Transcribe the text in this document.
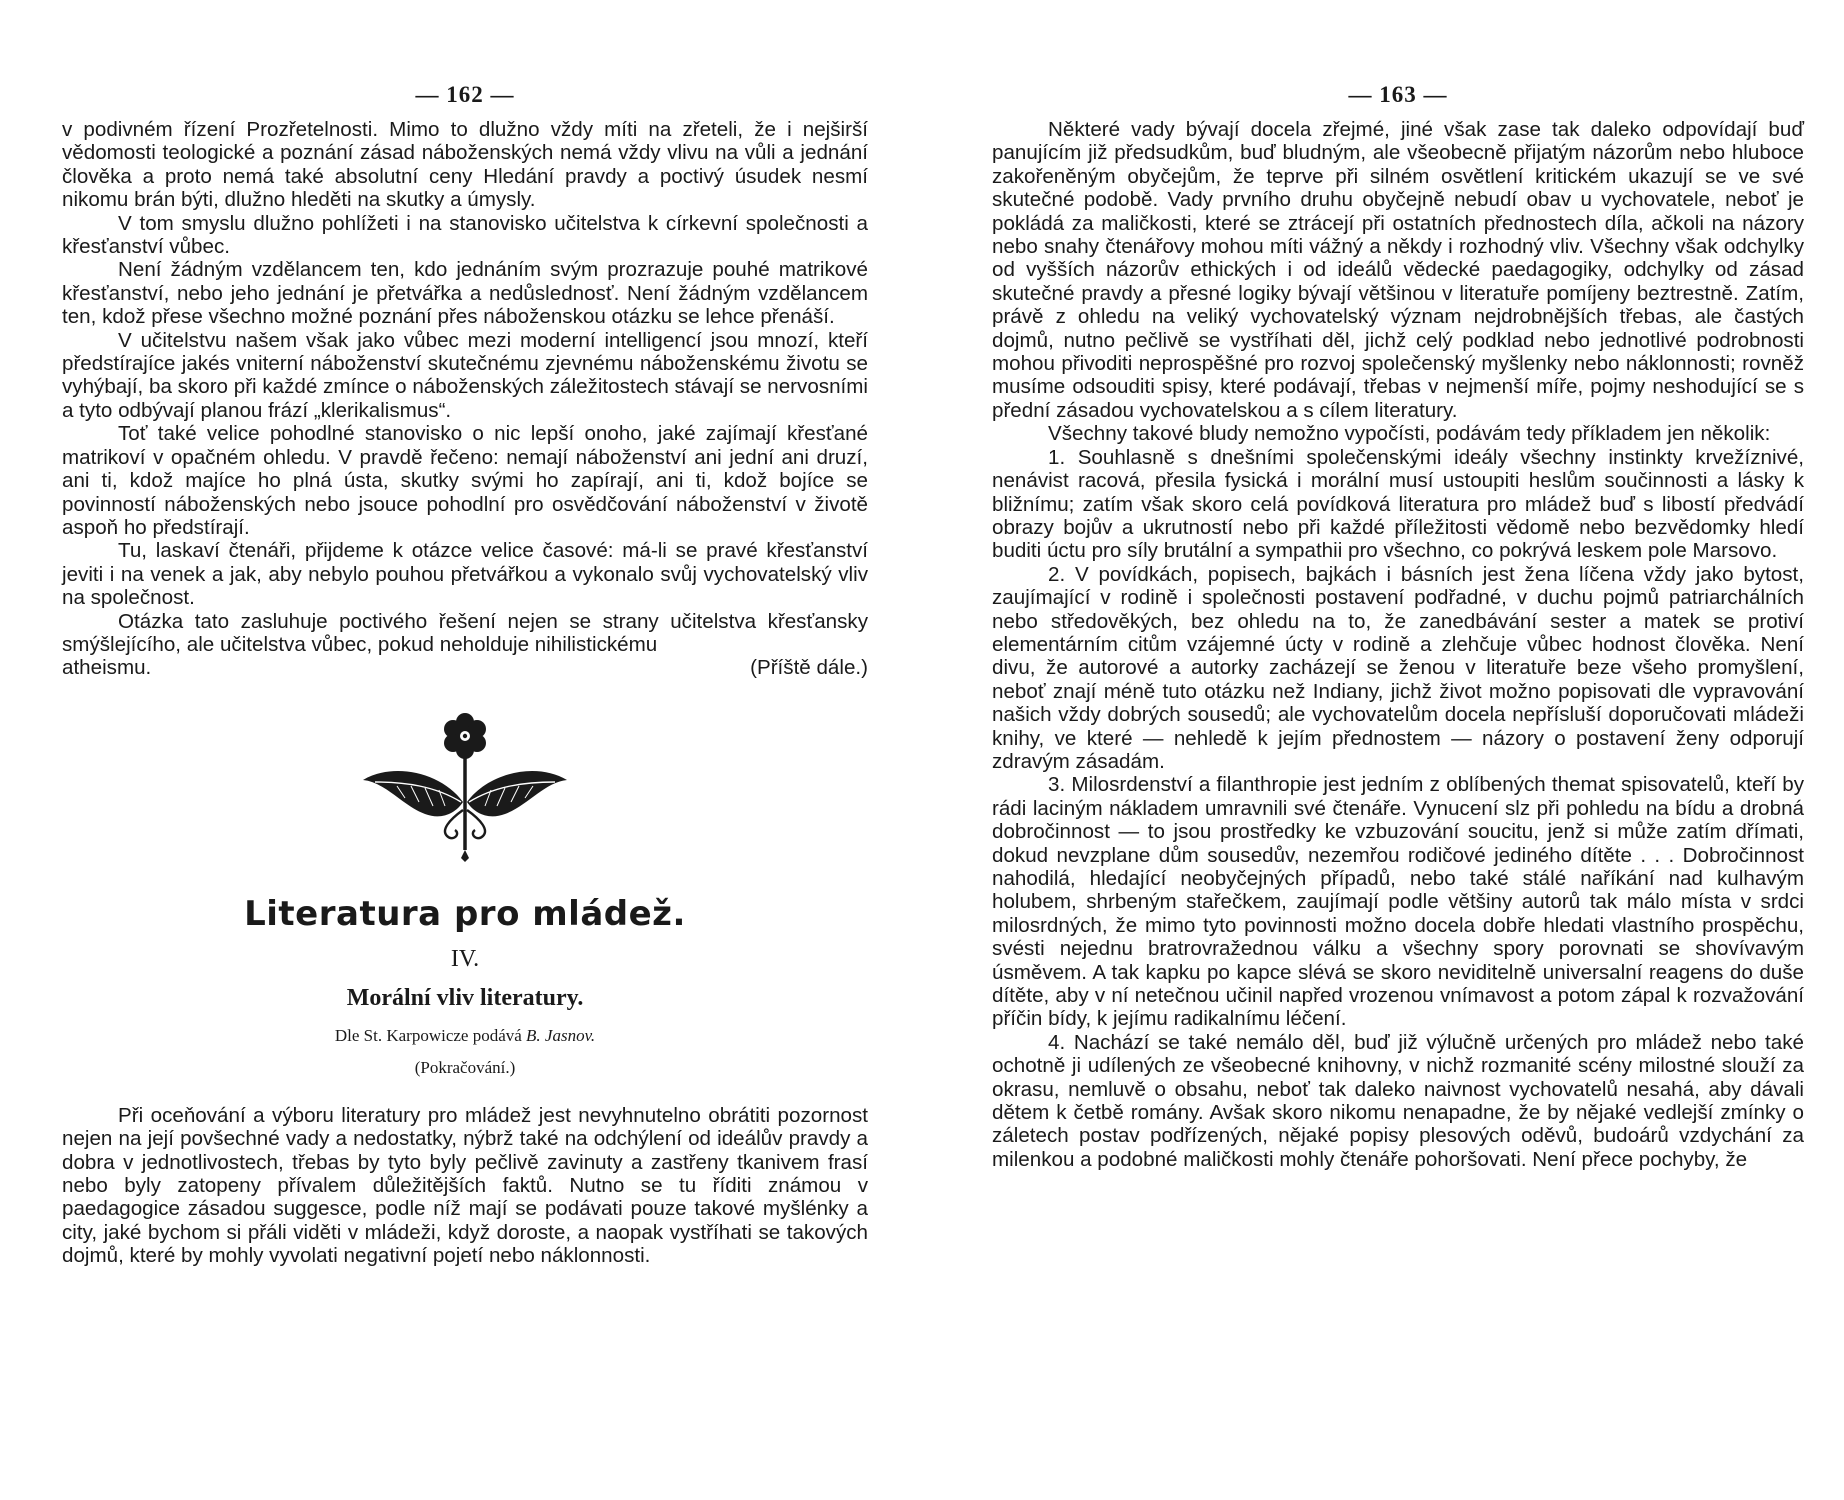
— 162 —

v podivném řízení Prozřetelnosti. Mimo to dlužno vždy míti na zřeteli, že i nejširší vědomosti teologické a poznání zásad náboženských nemá vždy vlivu na vůli a jednání člověka a proto nemá také absolutní ceny Hledání pravdy a poctivý úsudek nesmí nikomu brán býti, dlužno hleděti na skutky a úmysly.

V tom smyslu dlužno pohlížeti i na stanovisko učitelstva k církevní společnosti a křesťanství vůbec.

Není žádným vzdělancem ten, kdo jednáním svým prozrazuje pouhé matrikové křesťanství, nebo jeho jednání je přetvářka a nedůslednosť. Není žádným vzdělancem ten, kdož přese všechno možné poznání přes náboženskou otázku se lehce přenáší.

V učitelstvu našem však jako vůbec mezi moderní intelligencí jsou mnozí, kteří předstírajíce jakés vniterní náboženství skutečnému zjevnému náboženskému životu se vyhýbají, ba skoro při každé zmínce o náboženských záležitostech stávají se nervosními a tyto odbývají planou frází „klerikalismus“.

Toť také velice pohodlné stanovisko o nic lepší onoho, jaké zajímají křesťané matrikoví v opačném ohledu. V pravdě řečeno: nemají náboženství ani jední ani druzí, ani ti, kdož majíce ho plná ústa, skutky svými ho zapírají, ani ti, kdož bojíce se povinností náboženských nebo jsouce pohodlní pro osvědčování náboženství v životě aspoň ho předstírají.

Tu, laskaví čtenáři, přijdeme k otázce velice časové: má-li se pravé křesťanství jeviti i na venek a jak, aby nebylo pouhou přetvářkou a vykonalo svůj vychovatelský vliv na společnost.

Otázka tato zasluhuje poctivého řešení nejen se strany učitelstva křesťansky smýšlejícího, ale učitelstva vůbec, pokud neholduje nihilistickému

atheismu.	(Příště dále.)
Literatura pro mládež.
IV.
Morální vliv literatury.
Dle St. Karpowicze podává B. Jasnov.
(Pokračování.)

Při oceňování a výboru literatury pro mládež jest nevyhnutelno obrátiti pozornost nejen na její povšechné vady a nedostatky, nýbrž také na odchýlení od ideálův pravdy a dobra v jednotlivostech, třebas by tyto byly pečlivě zavinuty a zastřeny tkanivem frasí nebo byly zatopeny přívalem důležitějších faktů. Nutno se tu říditi známou v paedagogice zásadou suggesce, podle níž mají se podávati pouze takové myšlénky a city, jaké bychom si přáli viděti v mládeži, když doroste, a naopak vystříhati se takových dojmů, které by mohly vyvolati negativní pojetí nebo náklonnosti.

— 163 —

Některé vady bývají docela zřejmé, jiné však zase tak daleko odpovídají buď panujícím již předsudkům, buď bludným, ale všeobecně přijatým názorům nebo hluboce zakořeněným obyčejům, že teprve při silném osvětlení kritickém ukazují se ve své skutečné podobě. Vady prvního druhu obyčejně nebudí obav u vychovatele, neboť je pokládá za maličkosti, které se ztrácejí při ostatních přednostech díla, ačkoli na názory nebo snahy čtenářovy mohou míti vážný a někdy i rozhodný vliv. Všechny však odchylky od vyšších názorův ethických i od ideálů vědecké paedagogiky, odchylky od zásad skutečné pravdy a přesné logiky bývají většinou v literatuře pomíjeny beztrestně. Zatím, právě z ohledu na veliký vychovatelský význam nejdrobnějších třebas, ale častých dojmů, nutno pečlivě se vystříhati děl, jichž celý podklad nebo jednotlivé podrobnosti mohou přivoditi neprospěšné pro rozvoj společenský myšlenky nebo náklonnosti; rovněž musíme odsouditi spisy, které podávají, třebas v nejmenší míře, pojmy neshodující se s přední zásadou vychovatelskou a s cílem literatury.

Všechny takové bludy nemožno vypočísti, podávám tedy příkladem jen několik:

1. Souhlasně s dnešními společenskými ideály všechny instinkty krvežíznivé, nenávist racová, přesila fysická i morální musí ustoupiti heslům součinnosti a lásky k bližnímu; zatím však skoro celá povídková literatura pro mládež buď s libostí předvádí obrazy bojův a ukrutností nebo při každé příležitosti vědomě nebo bezvědomky hledí buditi úctu pro síly brutální a sympathii pro všechno, co pokrývá leskem pole Marsovo.

2. V povídkách, popisech, bajkách i básních jest žena líčena vždy jako bytost, zaujímající v rodině i společnosti postavení podřadné, v duchu pojmů patriarchálních nebo středověkých, bez ohledu na to, že zanedbávání sester a matek se protiví elementárním citům vzájemné úcty v rodině a zlehčuje vůbec hodnost člověka. Není divu, že autorové a autorky zacházejí se ženou v literatuře beze všeho promyšlení, neboť znají méně tuto otázku než Indiany, jichž život možno popisovati dle vypravování našich vždy dobrých sousedů; ale vychovatelům docela nepřísluší doporučovati mládeži knihy, ve které — nehledě k jejím přednostem — názory o postavení ženy odporují zdravým zásadám.

3. Milosrdenství a filanthropie jest jedním z oblíbených themat spisovatelů, kteří by rádi laciným nákladem umravnili své čtenáře. Vynucení slz při pohledu na bídu a drobná dobročinnost — to jsou prostředky ke vzbuzování soucitu, jenž si může zatím dřímati, dokud nevzplane dům sousedův, nezemřou rodičové jediného dítěte . . . Dobročinnost nahodilá, hledající neobyčejných případů, nebo také stálé naříkání nad kulhavým holubem, shrbeným stařečkem, zaujímají podle většiny autorů tak málo místa v srdci milosrdných, že mimo tyto povinnosti možno docela dobře hledati vlastního prospěchu, svésti nejednu bratrovražednou válku a všechny spory porovnati se shovívavým úsměvem. A tak kapku po kapce slévá se skoro neviditelně universalní reagens do duše dítěte, aby v ní netečnou učinil napřed vrozenou vnímavost a potom zápal k rozvažování příčin bídy, k jejímu radikalnímu léčení.

4. Nachází se také nemálo děl, buď již výlučně určených pro mládež nebo také ochotně ji udílených ze všeobecné knihovny, v nichž rozmanité scény milostné slouží za okrasu, nemluvě o obsahu, neboť tak daleko naivnost vychovatelů nesahá, aby dávali dětem k četbě romány. Avšak skoro nikomu nenapadne, že by nějaké vedlejší zmínky o záletech postav podřízených, nějaké popisy plesových oděvů, budoárů vzdychání za milenkou a podobné maličkosti mohly čtenáře pohoršovati. Není přece pochyby, že
